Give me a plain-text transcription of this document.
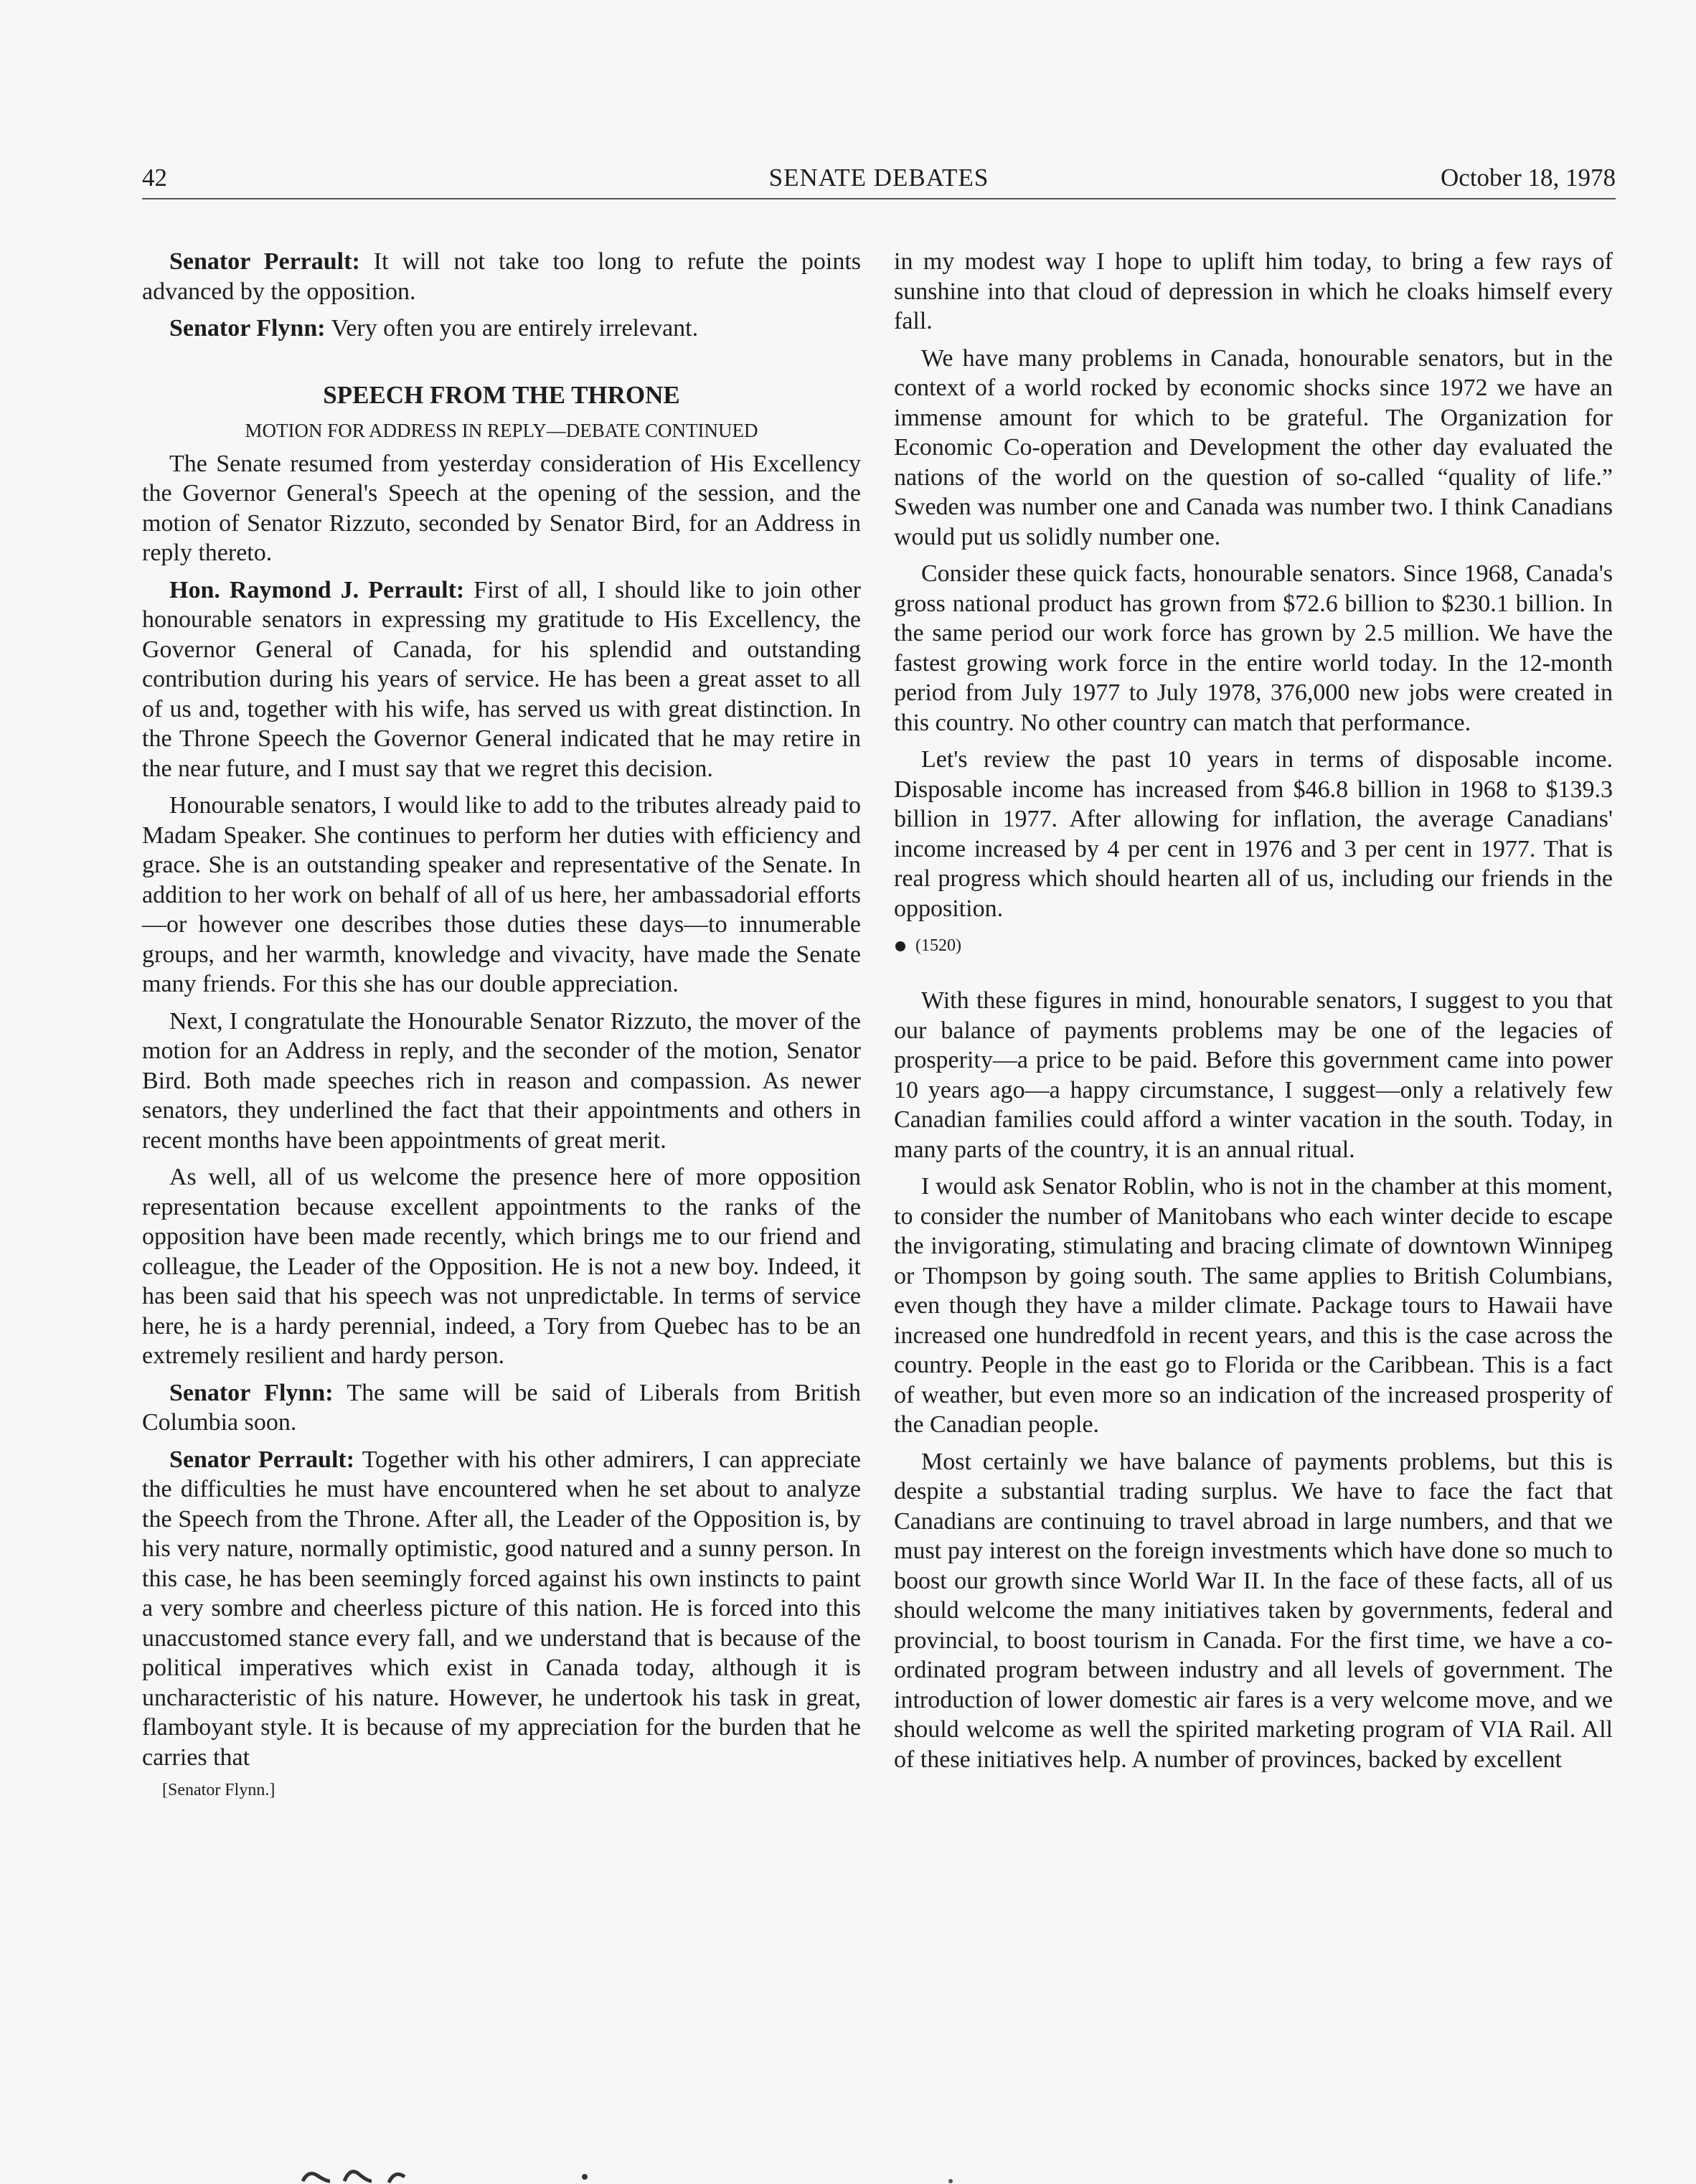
42	SENATE DEBATES	October 18, 1978

Senator Perrault: It will not take too long to refute the points advanced by the opposition.

Senator Flynn: Very often you are entirely irrelevant.

SPEECH FROM THE THRONE
MOTION FOR ADDRESS IN REPLY—DEBATE CONTINUED

The Senate resumed from yesterday consideration of His Excellency the Governor General's Speech at the opening of the session, and the motion of Senator Rizzuto, seconded by Senator Bird, for an Address in reply thereto.

Hon. Raymond J. Perrault: First of all, I should like to join other honourable senators in expressing my gratitude to His Excellency, the Governor General of Canada, for his splendid and outstanding contribution during his years of service. He has been a great asset to all of us and, together with his wife, has served us with great distinction. In the Throne Speech the Governor General indicated that he may retire in the near future, and I must say that we regret this decision.

Honourable senators, I would like to add to the tributes already paid to Madam Speaker. She continues to perform her duties with efficiency and grace. She is an outstanding speaker and representative of the Senate. In addition to her work on behalf of all of us here, her ambassadorial efforts—or however one describes those duties these days—to innumerable groups, and her warmth, knowledge and vivacity, have made the Senate many friends. For this she has our double appreciation.

Next, I congratulate the Honourable Senator Rizzuto, the mover of the motion for an Address in reply, and the seconder of the motion, Senator Bird. Both made speeches rich in reason and compassion. As newer senators, they underlined the fact that their appointments and others in recent months have been appointments of great merit.

As well, all of us welcome the presence here of more opposition representation because excellent appointments to the ranks of the opposition have been made recently, which brings me to our friend and colleague, the Leader of the Opposition. He is not a new boy. Indeed, it has been said that his speech was not unpredictable. In terms of service here, he is a hardy perennial, indeed, a Tory from Quebec has to be an extremely resilient and hardy person.

Senator Flynn: The same will be said of Liberals from British Columbia soon.

Senator Perrault: Together with his other admirers, I can appreciate the difficulties he must have encountered when he set about to analyze the Speech from the Throne. After all, the Leader of the Opposition is, by his very nature, normally optimistic, good natured and a sunny person. In this case, he has been seemingly forced against his own instincts to paint a very sombre and cheerless picture of this nation. He is forced into this unaccustomed stance every fall, and we understand that is because of the political imperatives which exist in Canada today, although it is uncharacteristic of his nature. However, he undertook his task in great, flamboyant style. It is because of my appreciation for the burden that he carries that

[Senator Flynn.]

in my modest way I hope to uplift him today, to bring a few rays of sunshine into that cloud of depression in which he cloaks himself every fall.

We have many problems in Canada, honourable senators, but in the context of a world rocked by economic shocks since 1972 we have an immense amount for which to be grateful. The Organization for Economic Co-operation and Development the other day evaluated the nations of the world on the question of so-called “quality of life.” Sweden was number one and Canada was number two. I think Canadians would put us solidly number one.

Consider these quick facts, honourable senators. Since 1968, Canada's gross national product has grown from $72.6 billion to $230.1 billion. In the same period our work force has grown by 2.5 million. We have the fastest growing work force in the entire world today. In the 12-month period from July 1977 to July 1978, 376,000 new jobs were created in this country. No other country can match that performance.

Let's review the past 10 years in terms of disposable income. Disposable income has increased from $46.8 billion in 1968 to $139.3 billion in 1977. After allowing for inflation, the average Canadians' income increased by 4 per cent in 1976 and 3 per cent in 1977. That is real progress which should hearten all of us, including our friends in the opposition.

(1520)

With these figures in mind, honourable senators, I suggest to you that our balance of payments problems may be one of the legacies of prosperity—a price to be paid. Before this government came into power 10 years ago—a happy circumstance, I suggest—only a relatively few Canadian families could afford a winter vacation in the south. Today, in many parts of the country, it is an annual ritual.

I would ask Senator Roblin, who is not in the chamber at this moment, to consider the number of Manitobans who each winter decide to escape the invigorating, stimulating and bracing climate of downtown Winnipeg or Thompson by going south. The same applies to British Columbians, even though they have a milder climate. Package tours to Hawaii have increased one hundredfold in recent years, and this is the case across the country. People in the east go to Florida or the Caribbean. This is a fact of weather, but even more so an indication of the increased prosperity of the Canadian people.

Most certainly we have balance of payments problems, but this is despite a substantial trading surplus. We have to face the fact that Canadians are continuing to travel abroad in large numbers, and that we must pay interest on the foreign investments which have done so much to boost our growth since World War II. In the face of these facts, all of us should welcome the many initiatives taken by governments, federal and provincial, to boost tourism in Canada. For the first time, we have a co-ordinated program between industry and all levels of government. The introduction of lower domestic air fares is a very welcome move, and we should welcome as well the spirited marketing program of VIA Rail. All of these initiatives help. A number of provinces, backed by excellent
